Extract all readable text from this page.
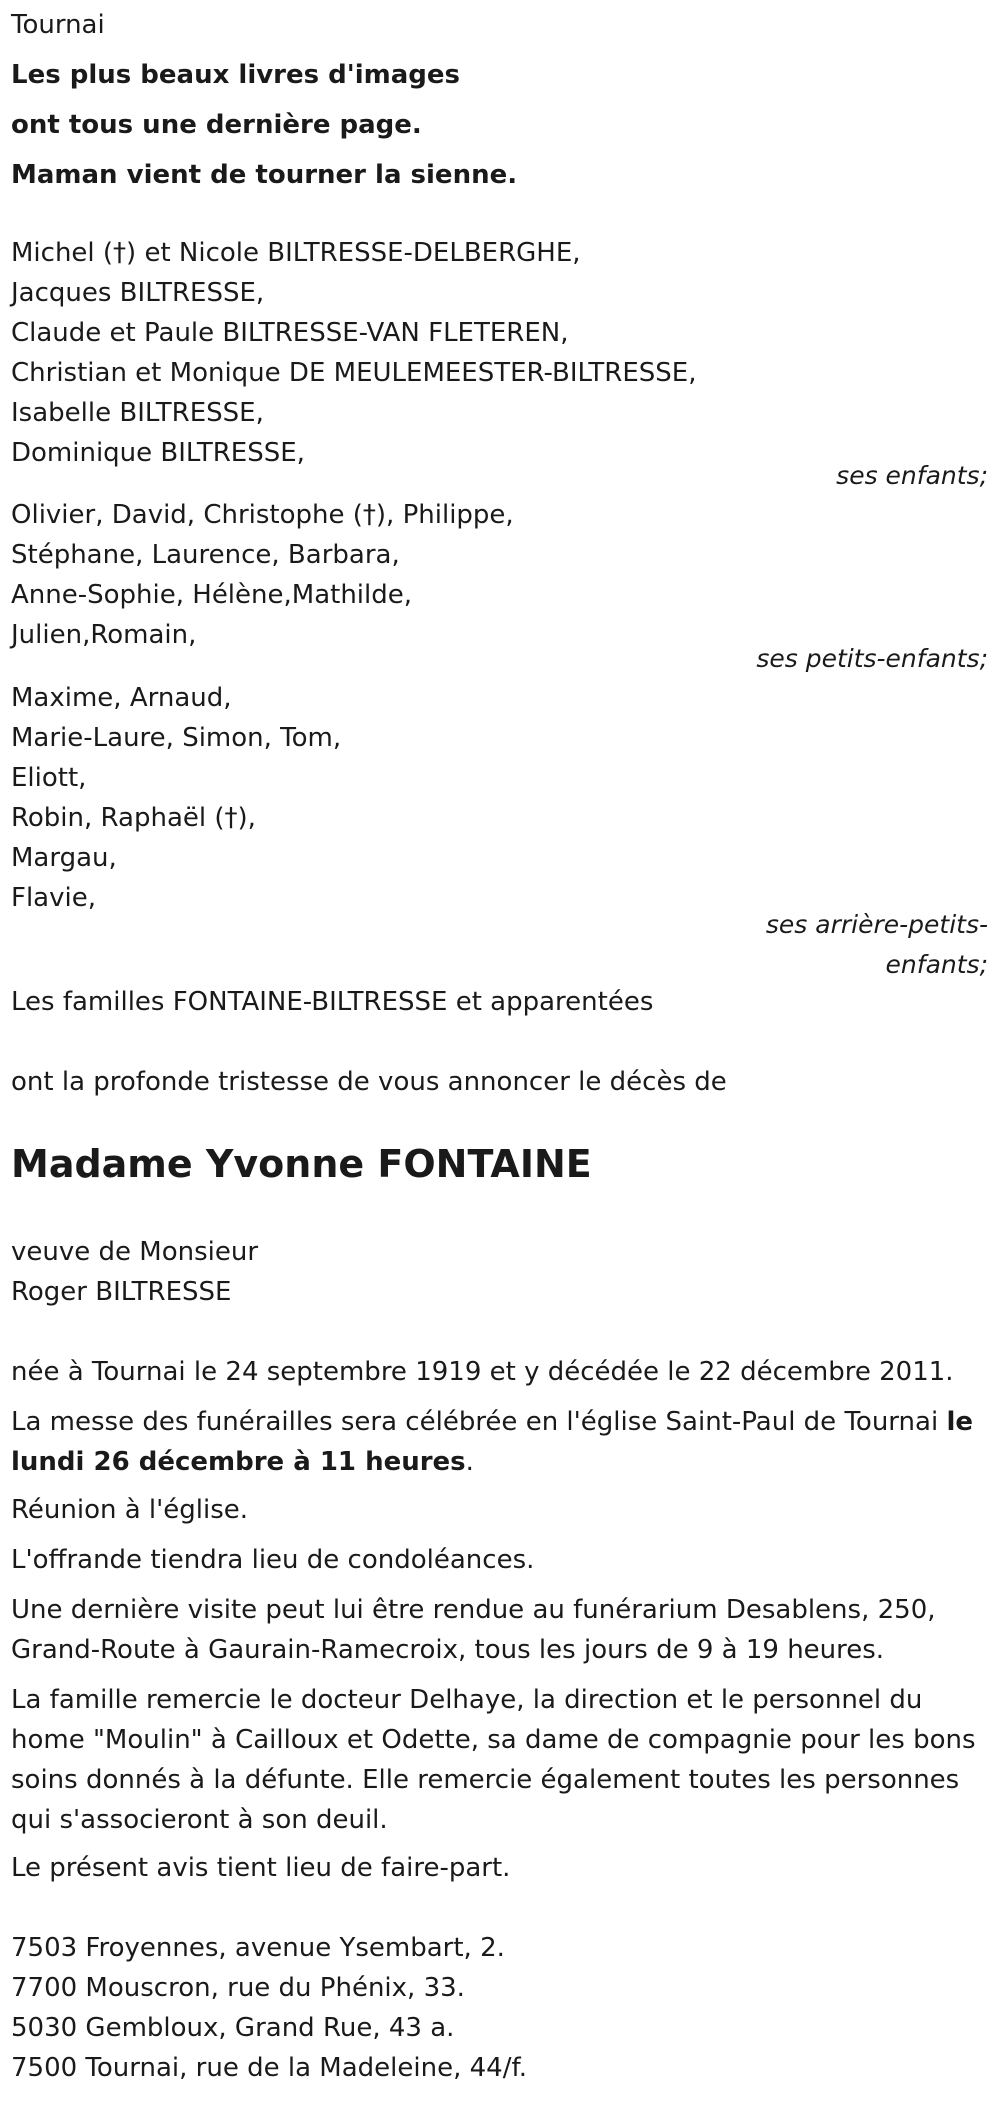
Tournai
Les plus beaux livres d'images
ont tous une dernière page.
Maman vient de tourner la sienne.
Michel (†) et Nicole BILTRESSE-DELBERGHE,
Jacques BILTRESSE,
Claude et Paule BILTRESSE-VAN FLETEREN,
Christian et Monique DE MEULEMEESTER-BILTRESSE,
Isabelle BILTRESSE,
Dominique BILTRESSE,
ses enfants;
Olivier, David, Christophe (†), Philippe,
Stéphane, Laurence, Barbara,
Anne-Sophie, Hélène,Mathilde,
Julien,Romain,
ses petits-enfants;
Maxime, Arnaud,
Marie-Laure, Simon, Tom,
Eliott,
Robin, Raphaël (†),
Margau,
Flavie,
ses arrière-petits-
enfants;
Les familles FONTAINE-BILTRESSE et apparentées
ont la profonde tristesse de vous annoncer le décès de
Madame Yvonne FONTAINE
veuve de Monsieur
Roger BILTRESSE
née à Tournai le 24 septembre 1919 et y décédée le 22 décembre 2011.
La messe des funérailles sera célébrée en l'église Saint-Paul de Tournai le lundi 26 décembre à 11 heures.
Réunion à l'église.
L'offrande tiendra lieu de condoléances.
Une dernière visite peut lui être rendue au funérarium Desablens, 250, Grand-Route à Gaurain-Ramecroix, tous les jours de 9 à 19 heures.
La famille remercie le docteur Delhaye, la direction et le personnel du home "Moulin" à Cailloux et Odette, sa dame de compagnie pour les bons soins donnés à la défunte. Elle remercie également toutes les personnes qui s'associeront à son deuil.
Le présent avis tient lieu de faire-part.
7503 Froyennes, avenue Ysembart, 2.
7700 Mouscron, rue du Phénix, 33.
5030 Gembloux, Grand Rue, 43 a.
7500 Tournai, rue de la Madeleine, 44/f.
